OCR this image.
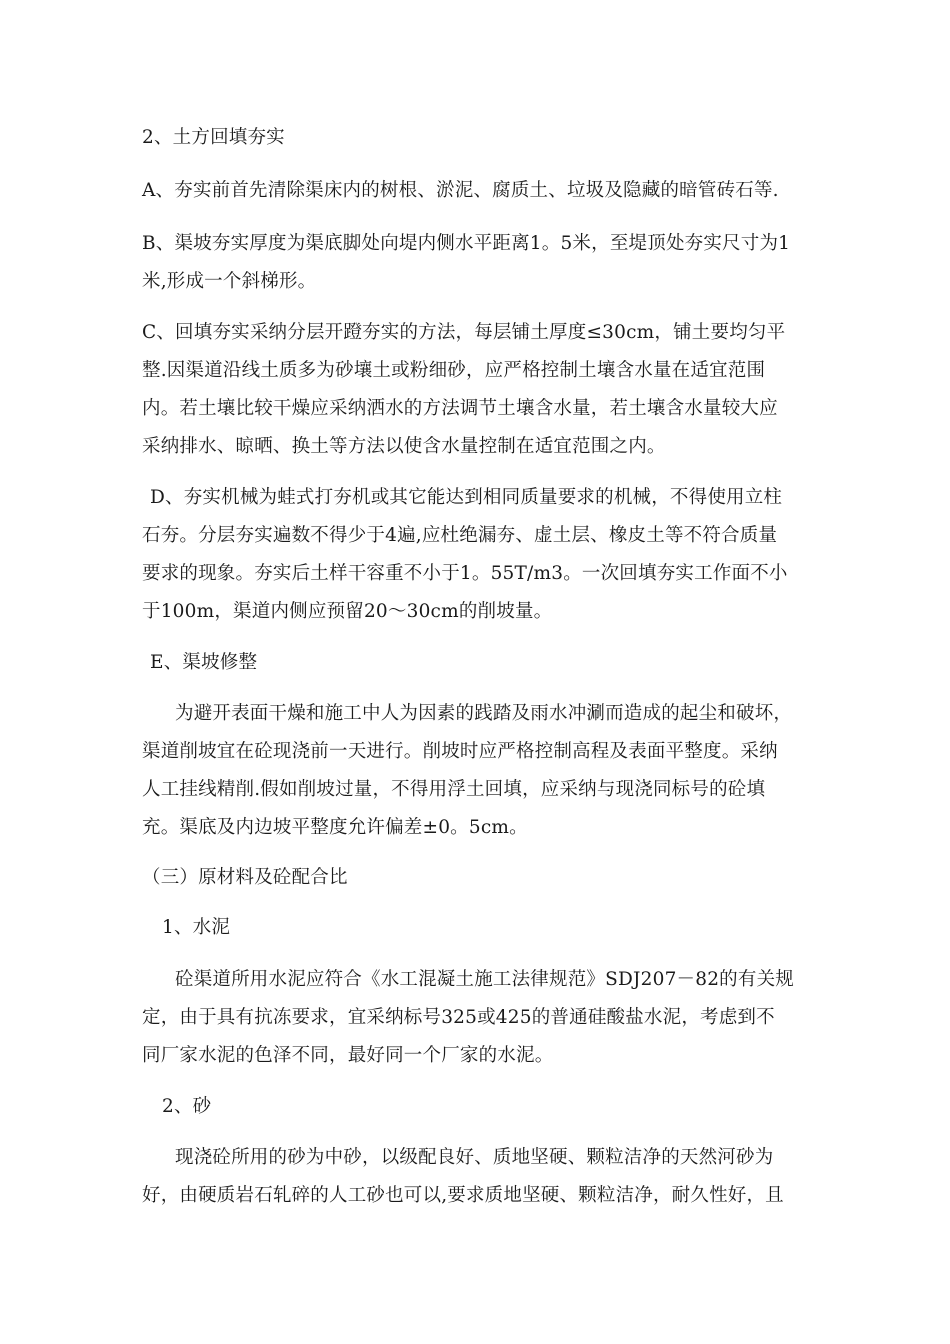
2、土方回填夯实
A、夯实前首先清除渠床内的树根、淤泥、腐质土、垃圾及隐藏的暗管砖石等.
B、渠坡夯实厚度为渠底脚处向堤内侧水平距离1。5米，至堤顶处夯实尺寸为1
米,形成一个斜梯形。
C、回填夯实采纳分层开蹬夯实的方法，每层铺土厚度≤30cm，铺土要均匀平
整.因渠道沿线土质多为砂壤土或粉细砂，应严格控制土壤含水量在适宜范围
内。若土壤比较干燥应采纳洒水的方法调节土壤含水量，若土壤含水量较大应
采纳排水、晾晒、换土等方法以使含水量控制在适宜范围之内。
D、夯实机械为蛙式打夯机或其它能达到相同质量要求的机械，不得使用立柱
石夯。分层夯实遍数不得少于4遍,应杜绝漏夯、虚土层、橡皮土等不符合质量
要求的现象。夯实后土样干容重不小于1。55T/m3。一次回填夯实工作面不小
于100m，渠道内侧应预留20～30cm的削坡量。
E、渠坡修整
为避开表面干燥和施工中人为因素的践踏及雨水冲涮而造成的起尘和破坏，
渠道削坡宜在砼现浇前一天进行。削坡时应严格控制高程及表面平整度。采纳
人工挂线精削.假如削坡过量，不得用浮土回填，应采纳与现浇同标号的砼填
充。渠底及内边坡平整度允许偏差±0。5cm。
（三）原材料及砼配合比
1、水泥
砼渠道所用水泥应符合《水工混凝土施工法律规范》SDJ207－82的有关规
定，由于具有抗冻要求，宜采纳标号325或425的普通硅酸盐水泥，考虑到不
同厂家水泥的色泽不同，最好同一个厂家的水泥。
2、砂
现浇砼所用的砂为中砂，以级配良好、质地坚硬、颗粒洁净的天然河砂为
好，由硬质岩石轧碎的人工砂也可以,要求质地坚硬、颗粒洁净，耐久性好，且
